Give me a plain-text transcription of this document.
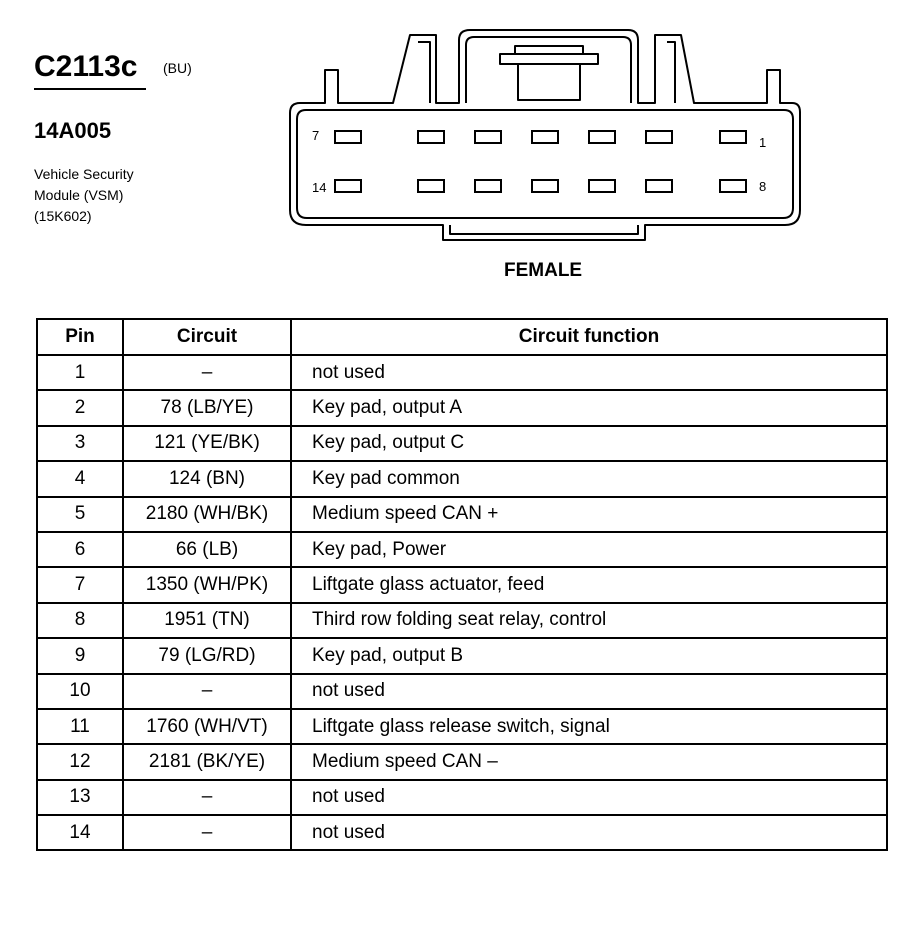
C2113c (BU)
14A005
Vehicle Security
Module (VSM)
(15K602)
7	1
14	8
FEMALE
Pin	Circuit	Circuit function
1	–	not used
2	78 (LB/YE)	Key pad, output A
3	121 (YE/BK)	Key pad, output C
4	124 (BN)	Key pad common
5	2180 (WH/BK)	Medium speed CAN +
6	66 (LB)	Key pad, Power
7	1350 (WH/PK)	Liftgate glass actuator, feed
8	1951 (TN)	Third row folding seat relay, control
9	79 (LG/RD)	Key pad, output B
10	–	not used
11	1760 (WH/VT)	Liftgate glass release switch, signal
12	2181 (BK/YE)	Medium speed CAN –
13	–	not used
14	–	not used
